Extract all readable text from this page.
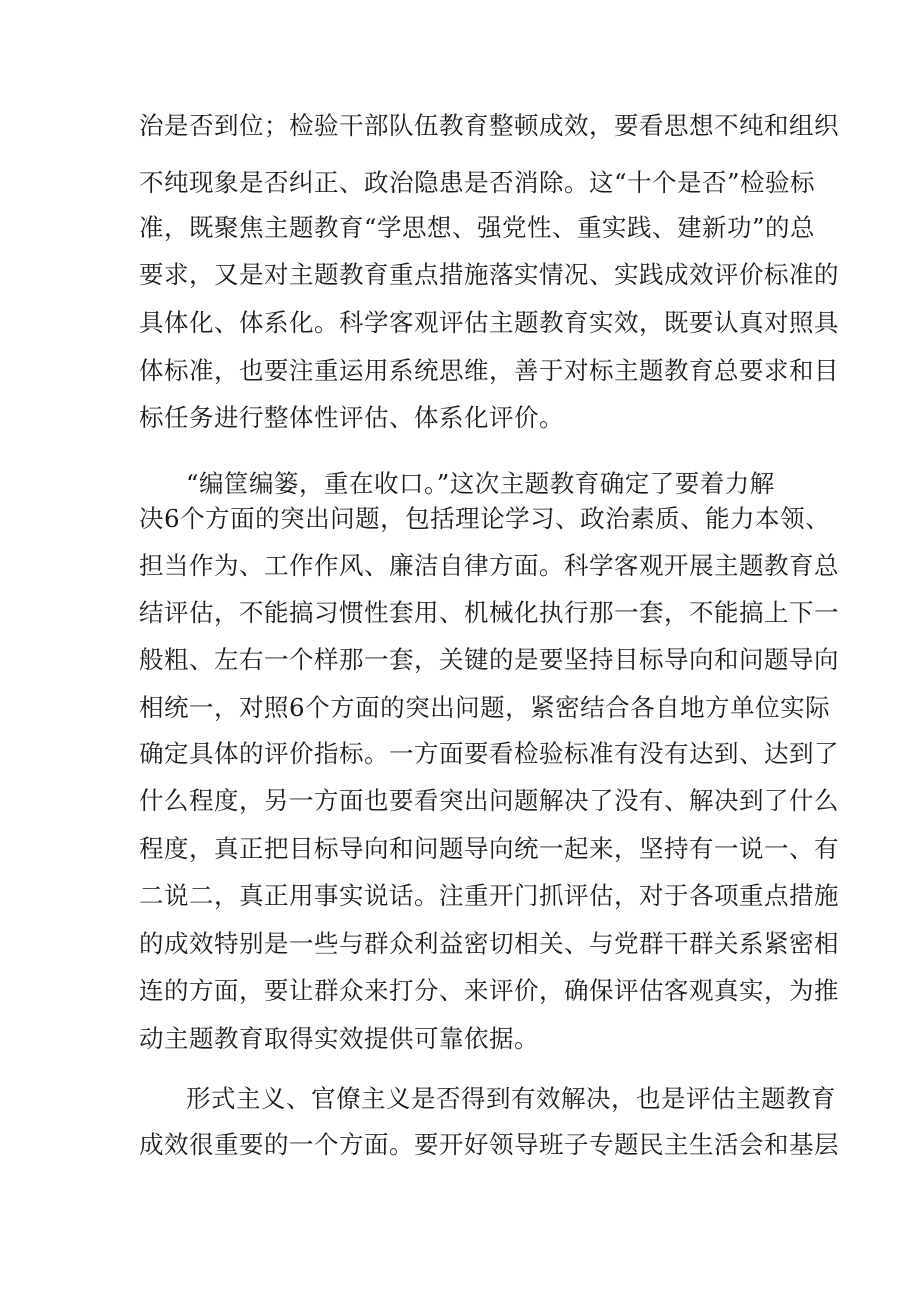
治是否到位；检验干部队伍教育整顿成效，要看思想不纯和组织
不纯现象是否纠正、政治隐患是否消除。这“十个是否”检验标
准，既聚焦主题教育“学思想、强党性、重实践、建新功”的总
要求，又是对主题教育重点措施落实情况、实践成效评价标准的
具体化、体系化。科学客观评估主题教育实效，既要认真对照具
体标准，也要注重运用系统思维，善于对标主题教育总要求和目
标任务进行整体性评估、体系化评价。
“编筐编篓，重在收口。”这次主题教育确定了要着力解
决6个方面的突出问题，包括理论学习、政治素质、能力本领、
担当作为、工作作风、廉洁自律方面。科学客观开展主题教育总
结评估，不能搞习惯性套用、机械化执行那一套，不能搞上下一
般粗、左右一个样那一套，关键的是要坚持目标导向和问题导向
相统一，对照6个方面的突出问题，紧密结合各自地方单位实际
确定具体的评价指标。一方面要看检验标准有没有达到、达到了
什么程度，另一方面也要看突出问题解决了没有、解决到了什么
程度，真正把目标导向和问题导向统一起来，坚持有一说一、有
二说二，真正用事实说话。注重开门抓评估，对于各项重点措施
的成效特别是一些与群众利益密切相关、与党群干群关系紧密相
连的方面，要让群众来打分、来评价，确保评估客观真实，为推
动主题教育取得实效提供可靠依据。
形式主义、官僚主义是否得到有效解决，也是评估主题教育
成效很重要的一个方面。要开好领导班子专题民主生活会和基层
